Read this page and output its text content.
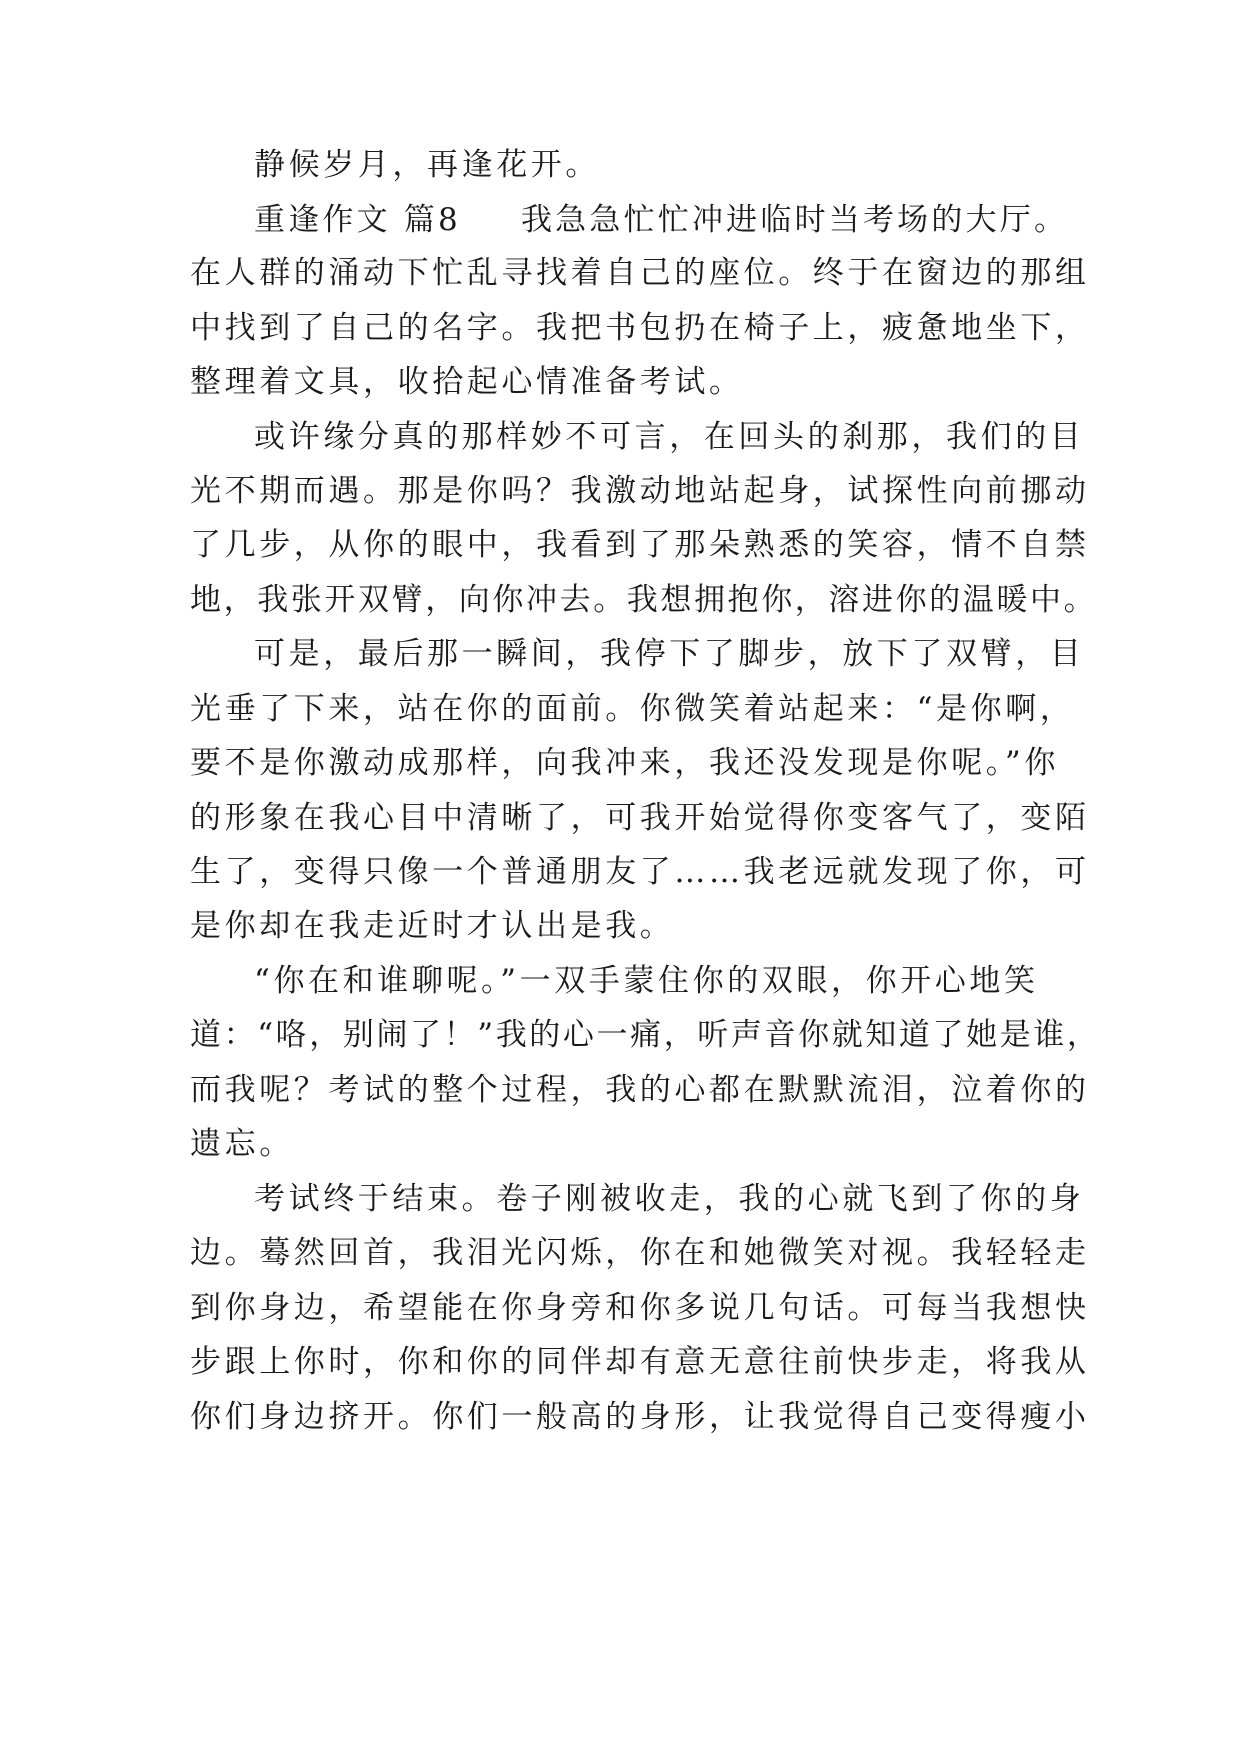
静候岁月，再逢花开。
重逢作文 篇8 我急急忙忙冲进临时当考场的大厅。
在人群的涌动下忙乱寻找着自己的座位。终于在窗边的那组
中找到了自己的名字。我把书包扔在椅子上，疲惫地坐下，
整理着文具，收拾起心情准备考试。
或许缘分真的那样妙不可言，在回头的刹那，我们的目
光不期而遇。那是你吗？我激动地站起身，试探性向前挪动
了几步，从你的眼中，我看到了那朵熟悉的笑容，情不自禁
地，我张开双臂，向你冲去。我想拥抱你，溶进你的温暖中。
可是，最后那一瞬间，我停下了脚步，放下了双臂，目
光垂了下来，站在你的面前。你微笑着站起来：“是你啊，
要不是你激动成那样，向我冲来，我还没发现是你呢。”你
的形象在我心目中清晰了，可我开始觉得你变客气了，变陌
生了，变得只像一个普通朋友了……我老远就发现了你，可
是你却在我走近时才认出是我。
“你在和谁聊呢。”一双手蒙住你的双眼，你开心地笑
道：“咯，别闹了！”我的心一痛，听声音你就知道了她是谁，
而我呢？考试的整个过程，我的心都在默默流泪，泣着你的
遗忘。
考试终于结束。卷子刚被收走，我的心就飞到了你的身
边。蓦然回首，我泪光闪烁，你在和她微笑对视。我轻轻走
到你身边，希望能在你身旁和你多说几句话。可每当我想快
步跟上你时，你和你的同伴却有意无意往前快步走，将我从
你们身边挤开。你们一般高的身形，让我觉得自己变得瘦小
